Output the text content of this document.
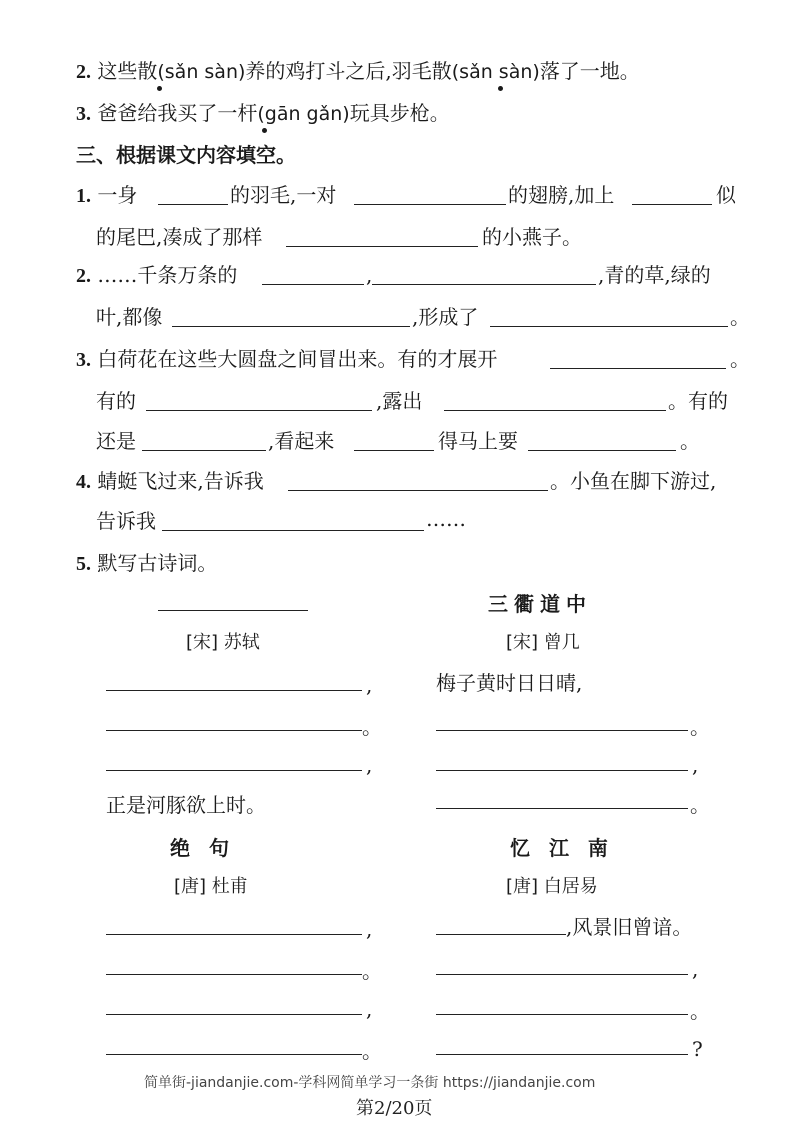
2. 这些散(sǎn sàn)养的鸡打斗之后,羽毛散(sǎn sàn)落了一地。
3. 爸爸给我买了一杆(gān gǎn)玩具步枪。
三、根据课文内容填空。
1. 一身	的羽毛,一对	的翅膀,加上	似
的尾巴,凑成了那样	的小燕子。
2. ……千条万条的	,	,青的草,绿的
叶,都像	,形成了	。
3. 白荷花在这些大圆盘之间冒出来。有的才展开	。
有的	,露出	。有的
还是	,看起来	得马上要	。
4. 蜻蜓飞过来,告诉我	。小鱼在脚下游过,
告诉我	……
5. 默写古诗词。
[宋] 苏轼
,
。
,
正是河豚欲上时。
三衢道中
[宋] 曾几
梅子黄时日日晴,
。
,
。
绝 句
[唐] 杜甫
,
。
,
。
忆 江 南
[唐] 白居易
,风景旧曾谙。
,
。
?
简单街-jiandanjie.com-学科网简单学习一条街 https://jiandanjie.com
第2/20页
